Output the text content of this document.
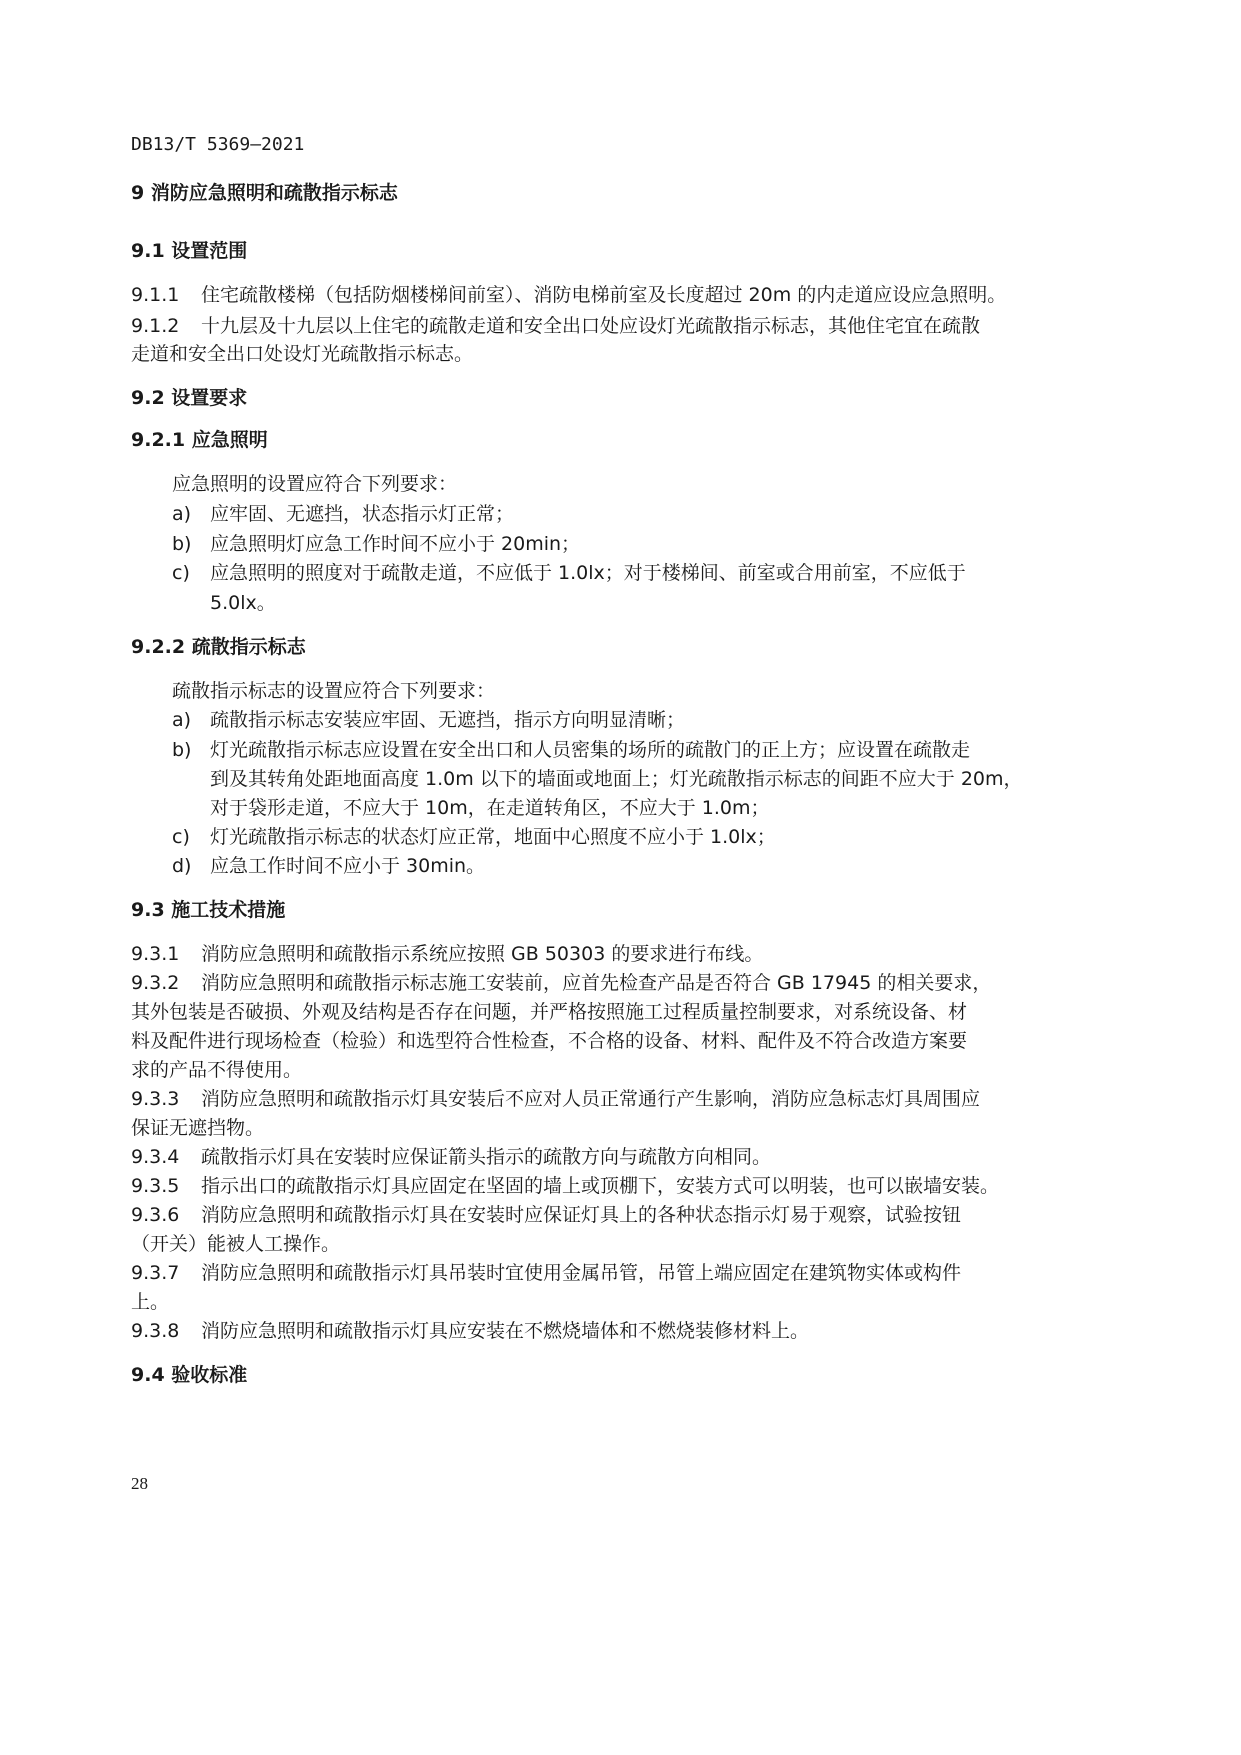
DB13/T 5369—2021
9 消防应急照明和疏散指示标志
9.1 设置范围
9.1.1 住宅疏散楼梯（包括防烟楼梯间前室）、消防电梯前室及长度超过 20m 的内走道应设应急照明。
9.1.2 十九层及十九层以上住宅的疏散走道和安全出口处应设灯光疏散指示标志，其他住宅宜在疏散
走道和安全出口处设灯光疏散指示标志。
9.2 设置要求
9.2.1 应急照明
应急照明的设置应符合下列要求：
a) 应牢固、无遮挡，状态指示灯正常；
b) 应急照明灯应急工作时间不应小于 20min；
c) 应急照明的照度对于疏散走道，不应低于 1.0lx；对于楼梯间、前室或合用前室，不应低于
5.0lx。
9.2.2 疏散指示标志
疏散指示标志的设置应符合下列要求：
a) 疏散指示标志安装应牢固、无遮挡，指示方向明显清晰；
b) 灯光疏散指示标志应设置在安全出口和人员密集的场所的疏散门的正上方；应设置在疏散走
到及其转角处距地面高度 1.0m 以下的墙面或地面上；灯光疏散指示标志的间距不应大于 20m，
对于袋形走道，不应大于 10m，在走道转角区，不应大于 1.0m；
c) 灯光疏散指示标志的状态灯应正常，地面中心照度不应小于 1.0lx；
d) 应急工作时间不应小于 30min。
9.3 施工技术措施
9.3.1 消防应急照明和疏散指示系统应按照 GB 50303 的要求进行布线。
9.3.2 消防应急照明和疏散指示标志施工安装前，应首先检查产品是否符合 GB 17945 的相关要求，
其外包装是否破损、外观及结构是否存在问题，并严格按照施工过程质量控制要求，对系统设备、材
料及配件进行现场检查（检验）和选型符合性检查，不合格的设备、材料、配件及不符合改造方案要
求的产品不得使用。
9.3.3 消防应急照明和疏散指示灯具安装后不应对人员正常通行产生影响，消防应急标志灯具周围应
保证无遮挡物。
9.3.4 疏散指示灯具在安装时应保证箭头指示的疏散方向与疏散方向相同。
9.3.5 指示出口的疏散指示灯具应固定在坚固的墙上或顶棚下，安装方式可以明装，也可以嵌墙安装。
9.3.6 消防应急照明和疏散指示灯具在安装时应保证灯具上的各种状态指示灯易于观察，试验按钮
（开关）能被人工操作。
9.3.7 消防应急照明和疏散指示灯具吊装时宜使用金属吊管，吊管上端应固定在建筑物实体或构件
上。
9.3.8 消防应急照明和疏散指示灯具应安装在不燃烧墙体和不燃烧装修材料上。
9.4 验收标准
28
